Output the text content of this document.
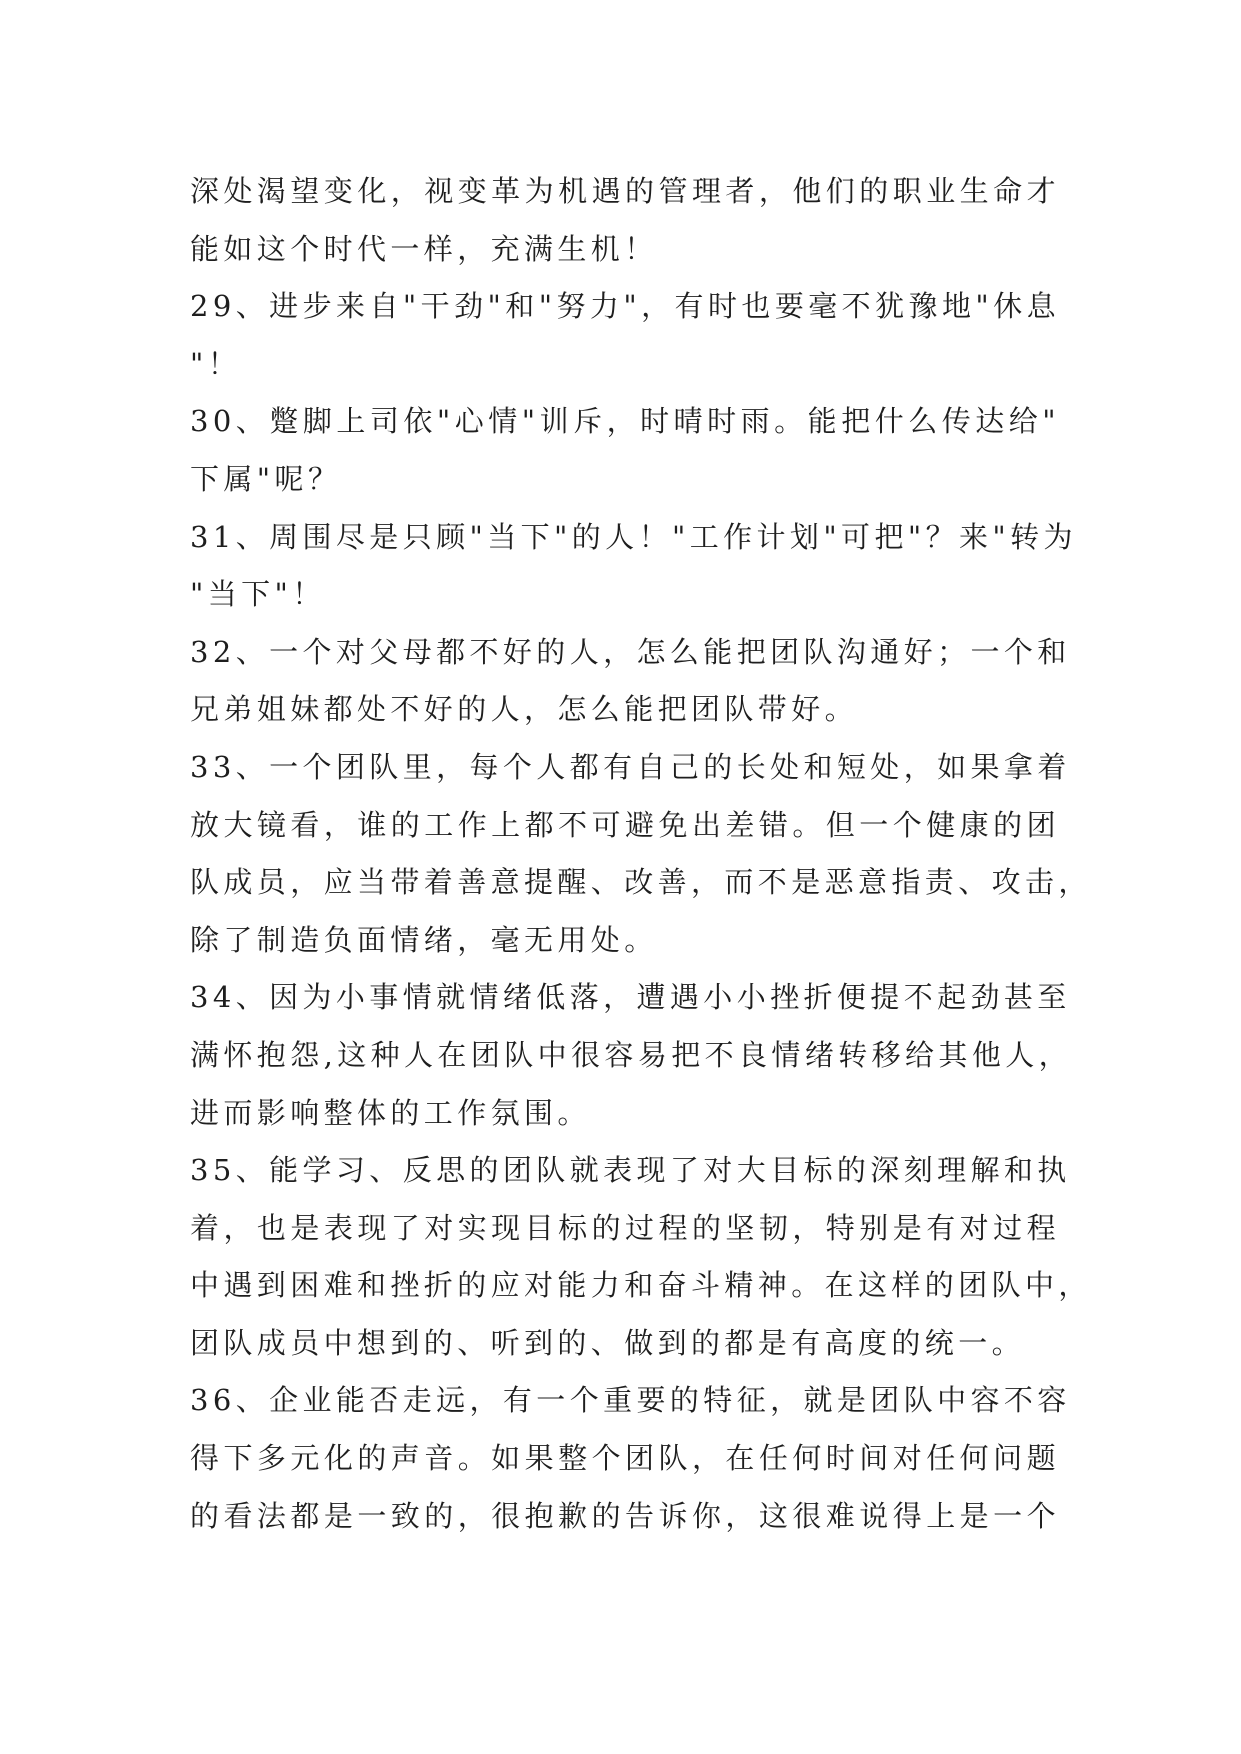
深处渴望变化，视变革为机遇的管理者，他们的职业生命才
能如这个时代一样，充满生机！
29、进步来自"干劲"和"努力"，有时也要毫不犹豫地"休息
"！
30、蹩脚上司依"心情"训斥，时晴时雨。能把什么传达给"
下属"呢？
31、周围尽是只顾"当下"的人！"工作计划"可把"？来"转为
"当下"！
32、一个对父母都不好的人，怎么能把团队沟通好；一个和
兄弟姐妹都处不好的人，怎么能把团队带好。
33、一个团队里，每个人都有自己的长处和短处，如果拿着
放大镜看，谁的工作上都不可避免出差错。但一个健康的团
队成员，应当带着善意提醒、改善，而不是恶意指责、攻击，
除了制造负面情绪，毫无用处。
34、因为小事情就情绪低落，遭遇小小挫折便提不起劲甚至
满怀抱怨,这种人在团队中很容易把不良情绪转移给其他人，
进而影响整体的工作氛围。
35、能学习、反思的团队就表现了对大目标的深刻理解和执
着，也是表现了对实现目标的过程的坚韧，特别是有对过程
中遇到困难和挫折的应对能力和奋斗精神。在这样的团队中，
团队成员中想到的、听到的、做到的都是有高度的统一。
36、企业能否走远，有一个重要的特征，就是团队中容不容
得下多元化的声音。如果整个团队，在任何时间对任何问题
的看法都是一致的，很抱歉的告诉你，这很难说得上是一个
